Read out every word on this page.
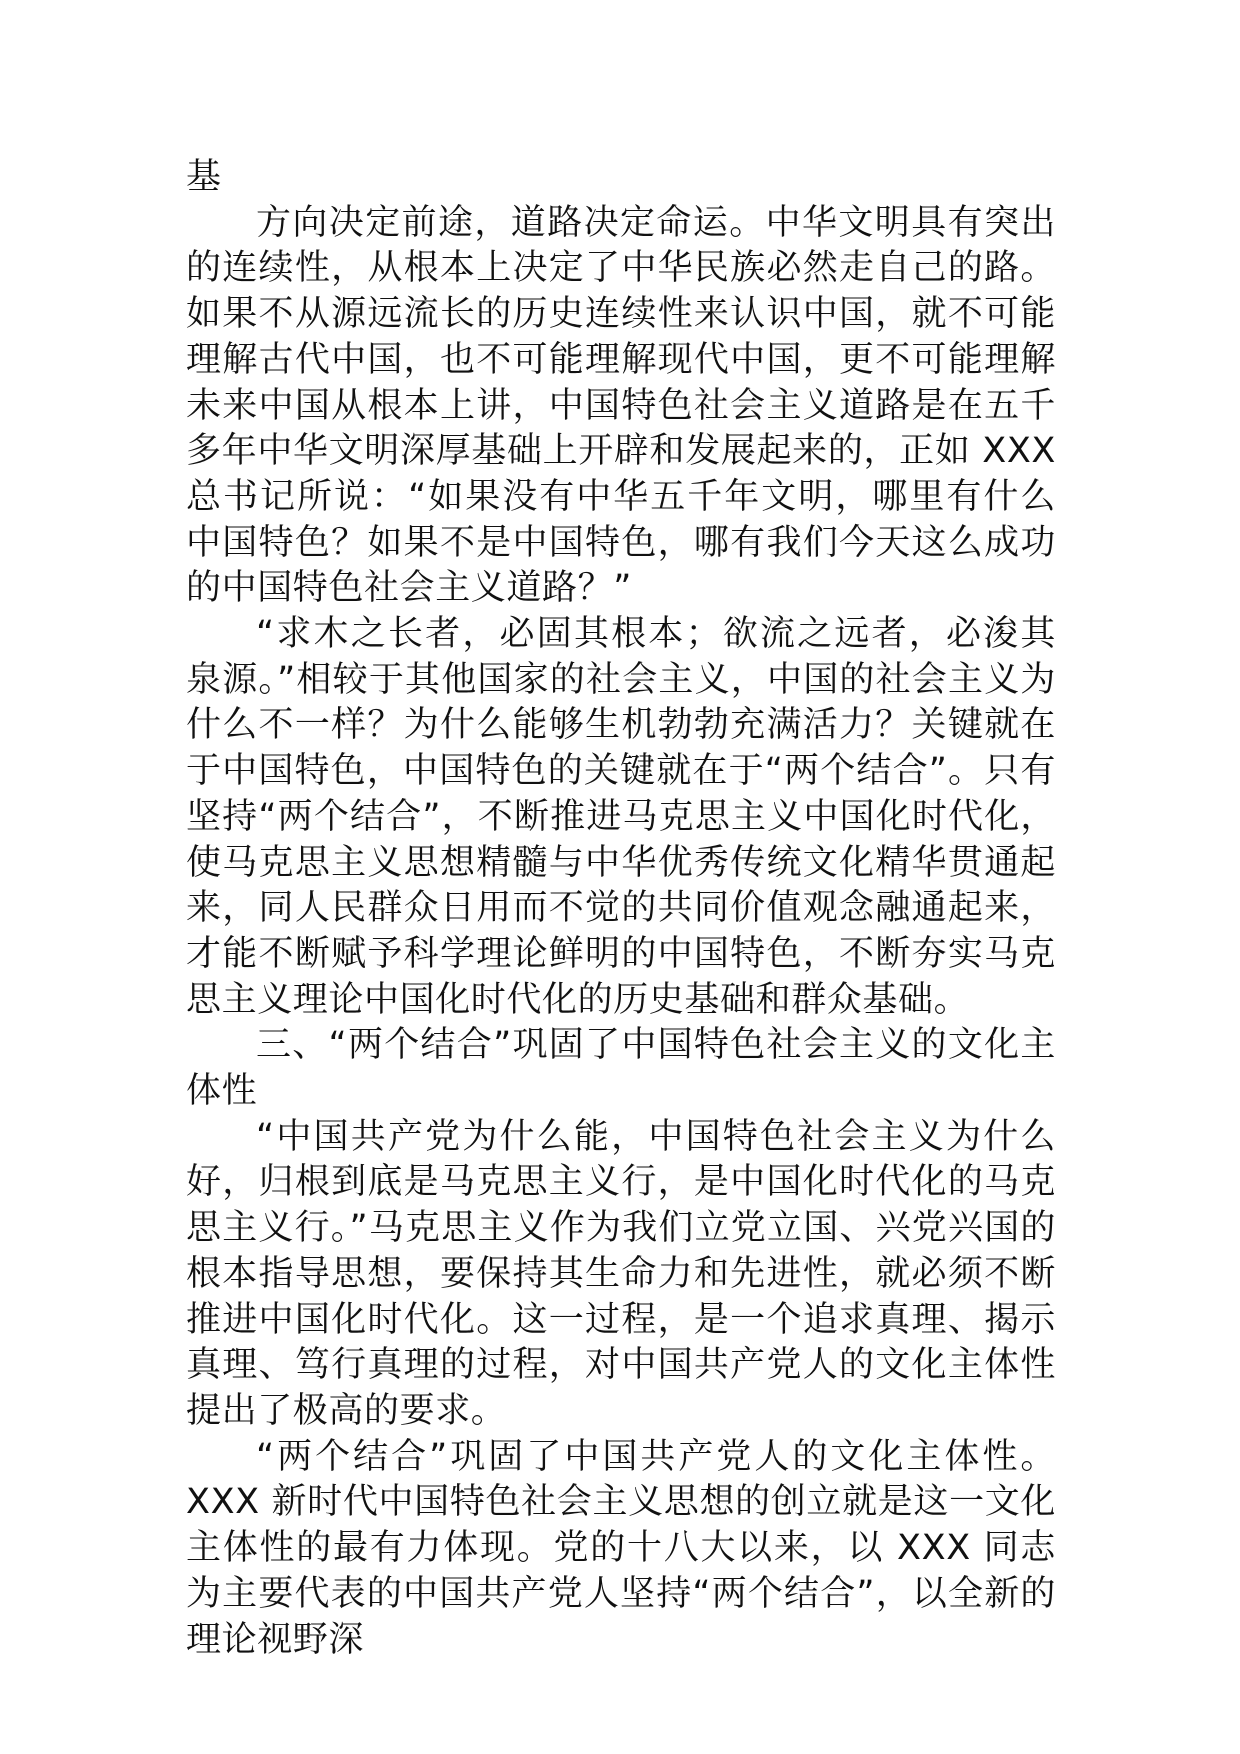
基

方向决定前途，道路决定命运。中华文明具有突出的连续性，从根本上决定了中华民族必然走自己的路。如果不从源远流长的历史连续性来认识中国，就不可能理解古代中国，也不可能理解现代中国，更不可能理解未来中国从根本上讲，中国特色社会主义道路是在五千多年中华文明深厚基础上开辟和发展起来的，正如 XXX 总书记所说：“如果没有中华五千年文明，哪里有什么中国特色？如果不是中国特色，哪有我们今天这么成功的中国特色社会主义道路？”

“求木之长者，必固其根本；欲流之远者，必浚其泉源。”相较于其他国家的社会主义，中国的社会主义为什么不一样？为什么能够生机勃勃充满活力？关键就在于中国特色，中国特色的关键就在于“两个结合”。只有坚持“两个结合”，不断推进马克思主义中国化时代化，使马克思主义思想精髓与中华优秀传统文化精华贯通起来，同人民群众日用而不觉的共同价值观念融通起来，才能不断赋予科学理论鲜明的中国特色，不断夯实马克思主义理论中国化时代化的历史基础和群众基础。

三、“两个结合”巩固了中国特色社会主义的文化主体性

“中国共产党为什么能，中国特色社会主义为什么好，归根到底是马克思主义行，是中国化时代化的马克思主义行。”马克思主义作为我们立党立国、兴党兴国的根本指导思想，要保持其生命力和先进性，就必须不断推进中国化时代化。这一过程，是一个追求真理、揭示真理、笃行真理的过程，对中国共产党人的文化主体性提出了极高的要求。

“两个结合”巩固了中国共产党人的文化主体性。XXX 新时代中国特色社会主义思想的创立就是这一文化主体性的最有力体现。党的十八大以来，以 XXX 同志为主要代表的中国共产党人坚持“两个结合”，以全新的理论视野深
